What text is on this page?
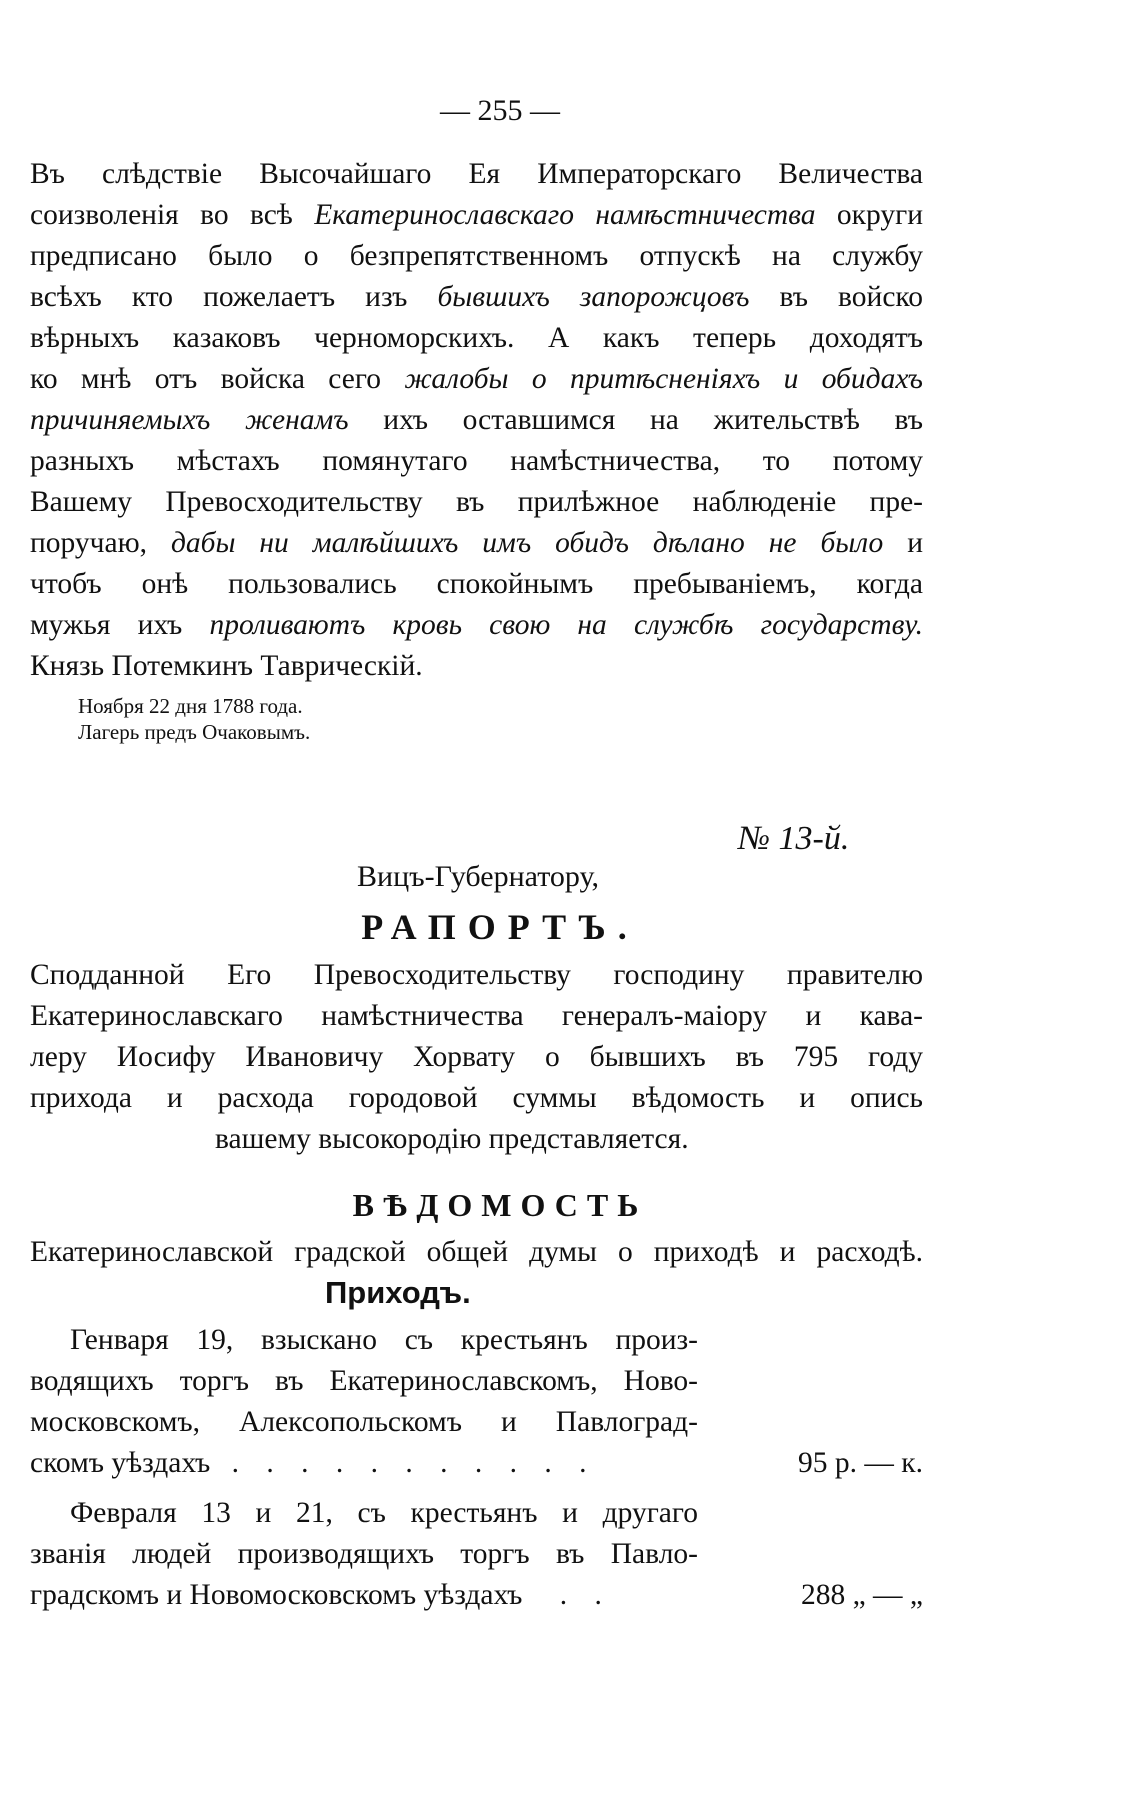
— 255 —
Въ слѣдствіе Высочайшаго Ея Императорскаго Величества
соизволенія во всѣ Екатеринославскаго намѣстничества округи
предписано было о безпрепятственномъ отпускѣ на службу
всѣхъ кто пожелаетъ изъ бывшихъ запорожцовъ въ войско
вѣрныхъ казаковъ черноморскихъ. А какъ теперь доходятъ
ко мнѣ отъ войска сего жалобы о притѣсненіяхъ и обидахъ
причиняемыхъ женамъ ихъ оставшимся на жительствѣ въ
разныхъ мѣстахъ помянутаго намѣстничества, то потому
Вашему Превосходительству въ прилѣжное наблюденіе пре-
поручаю, дабы ни малѣйшихъ имъ обидъ дѣлано не было и
чтобъ онѣ пользовались спокойнымъ пребываніемъ, когда
мужья ихъ проливаютъ кровь свою на службѣ государству.
Князь Потемкинъ Таврическій.
Ноября 22 дня 1788 года.
Лагерь предъ Очаковымъ.
№ 13-й.
Вицъ-Губернатору,
РАПОРТЪ.
Сподданной Его Превосходительству господину правителю
Екатеринославскаго намѣстничества генералъ-маіору и кава-
леру Иосифу Ивановичу Хорвату о бывшихъ въ 795 году
прихода и расхода городовой суммы вѣдомость и опись
вашему высокородію представляется.
ВѢДОМОСТЬ
Екатеринославской градской общей думы о приходѣ и расходѣ.
Приходъ.
Генваря 19, взыскано съ крестьянъ произ-
водящихъ торгъ въ Екатеринославскомъ, Ново-
московскомъ, Алексопольскомъ и Павлоград-
скомъ уѣздахъ . . . . . . . . . . .	95 р. — к.
Февраля 13 и 21, съ крестьянъ и другаго
званія людей производящихъ торгъ въ Павло-
градскомъ и Новомосковскомъ уѣздахъ . .	288 „ — „
